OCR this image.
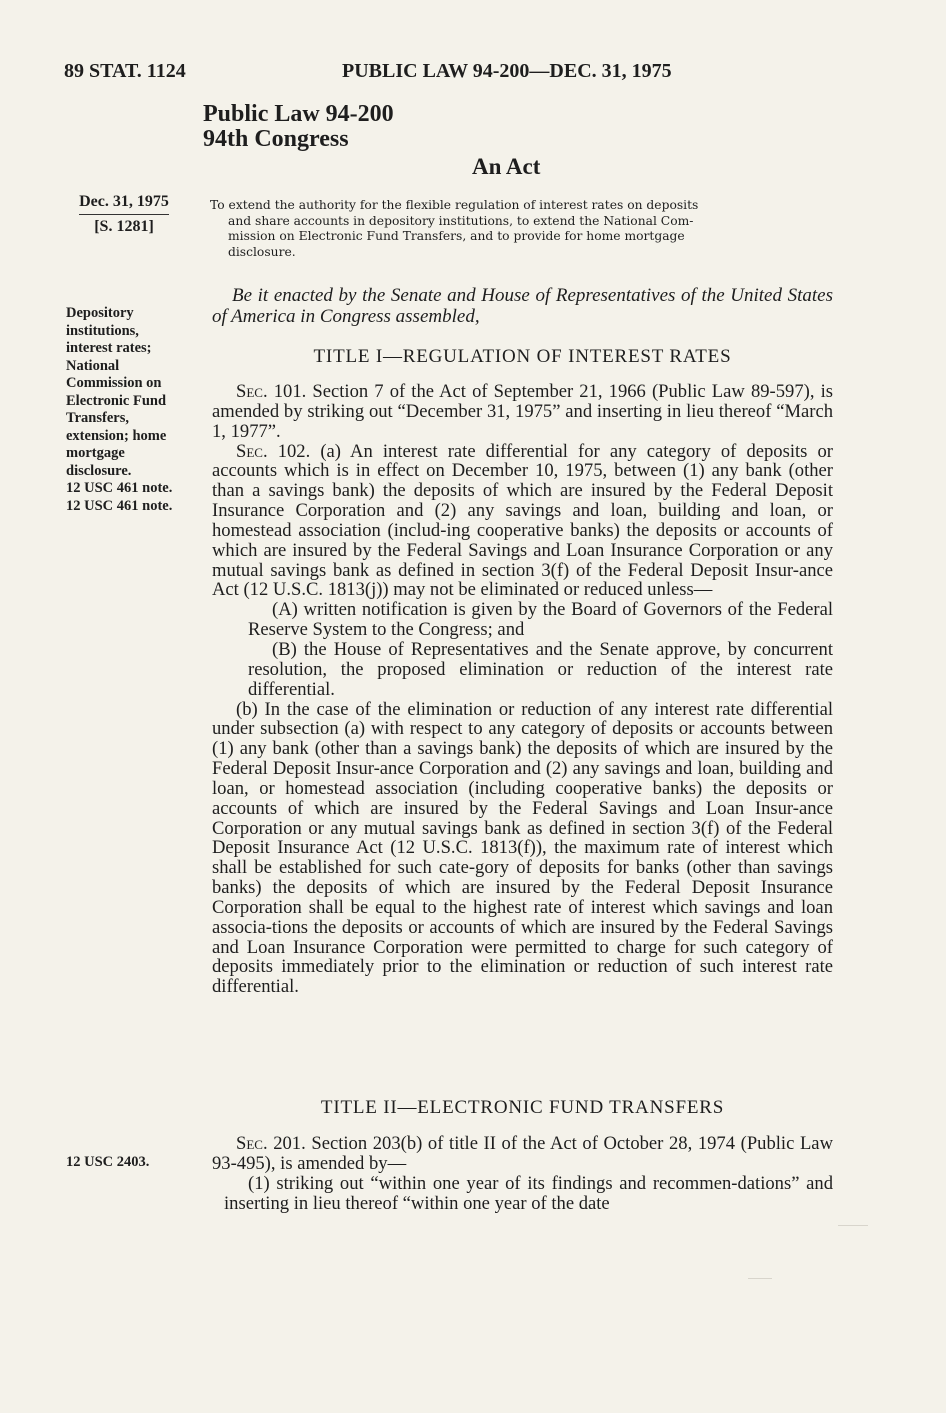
89 STAT. 1124	PUBLIC LAW 94-200—DEC. 31, 1975
Public Law 94-200
94th Congress
An Act
Dec. 31, 1975
[S. 1281]

To extend the authority for the flexible regulation of interest rates on deposits

and share accounts in depository institutions, to extend the National Com-

mission on Electronic Fund Transfers, and to provide for home mortgage

disclosure.

Be it enacted by the Senate and House of Representatives of the United States of America in Congress assembled,
Depository
institutions,
interest rates;
National
Commission on
Electronic Fund
Transfers,
extension; home
mortgage
disclosure.
12 USC 461 note.
12 USC 461 note.
TITLE I—REGULATION OF INTEREST RATES

Sec. 101. Section 7 of the Act of September 21, 1966 (Public Law 89-597), is amended by striking out “December 31, 1975” and inserting in lieu thereof “March 1, 1977”.

Sec. 102. (a) An interest rate differential for any category of deposits or accounts which is in effect on December 10, 1975, between (1) any bank (other than a savings bank) the deposits of which are insured by the Federal Deposit Insurance Corporation and (2) any savings and loan, building and loan, or homestead association (includ-ing cooperative banks) the deposits or accounts of which are insured by the Federal Savings and Loan Insurance Corporation or any mutual savings bank as defined in section 3(f) of the Federal Deposit Insur-ance Act (12 U.S.C. 1813(j)) may not be eliminated or reduced unless—

(A) written notification is given by the Board of Governors of the Federal Reserve System to the Congress; and

(B) the House of Representatives and the Senate approve, by concurrent resolution, the proposed elimination or reduction of the interest rate differential.

(b) In the case of the elimination or reduction of any interest rate differential under subsection (a) with respect to any category of deposits or accounts between (1) any bank (other than a savings bank) the deposits of which are insured by the Federal Deposit Insur-ance Corporation and (2) any savings and loan, building and loan, or homestead association (including cooperative banks) the deposits or accounts of which are insured by the Federal Savings and Loan Insur-ance Corporation or any mutual savings bank as defined in section 3(f) of the Federal Deposit Insurance Act (12 U.S.C. 1813(f)), the maximum rate of interest which shall be established for such cate-gory of deposits for banks (other than savings banks) the deposits of which are insured by the Federal Deposit Insurance Corporation shall be equal to the highest rate of interest which savings and loan associa-tions the deposits or accounts of which are insured by the Federal Savings and Loan Insurance Corporation were permitted to charge for such category of deposits immediately prior to the elimination or reduction of such interest rate differential.

TITLE II—ELECTRONIC FUND TRANSFERS
12 USC 2403.

Sec. 201. Section 203(b) of title II of the Act of October 28, 1974 (Public Law 93-495), is amended by—

(1) striking out “within one year of its findings and recommen-dations” and inserting in lieu thereof “within one year of the date
